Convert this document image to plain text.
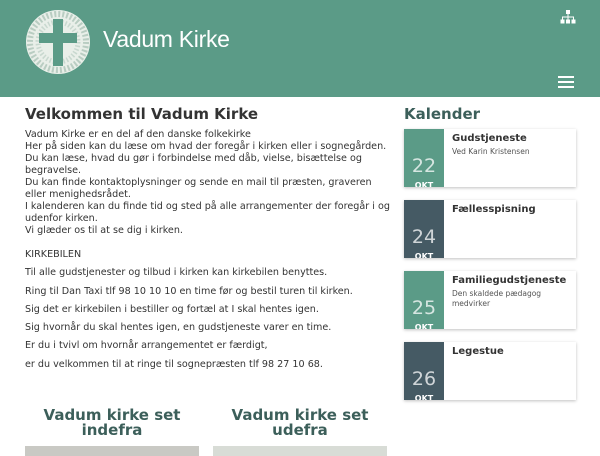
Vadum Kirke
Velkommen til Vadum Kirke

Vadum Kirke er en del af den danske folkekirke

Her på siden kan du læse om hvad der foregår i kirken eller i sognegården.

Du kan læse, hvad du gør i forbindelse med dåb, vielse, bisættelse og

begravelse.

Du kan finde kontaktoplysninger og sende en mail til præsten, graveren

eller menighedsrådet.

I kalenderen kan du finde tid og sted på alle arrangementer der foregår i og

udenfor kirken.

Vi glæder os til at se dig i kirken.

KIRKEBILEN

Til alle gudstjenester og tilbud i kirken kan kirkebilen benyttes.

Ring til Dan Taxi tlf 98 10 10 10 en time før og bestil turen til kirken.

Sig det er kirkebilen i bestiller og fortæl at I skal hentes igen.

Sig hvornår du skal hentes igen, en gudstjeneste varer en time.

Er du i tvivl om hvornår arrangementet er færdigt,

er du velkommen til at ringe til sognepræsten tlf 98 27 10 68.

Vadum kirke set
indefra
Vadum kirke set
udefra
Kalender
22
OKT
Gudstjeneste
Ved Karin Kristensen
24
OKT
Fællesspisning
25
OKT
Familiegudstjeneste
Den skaldede pædagog medvirker
26
OKT
Legestue
